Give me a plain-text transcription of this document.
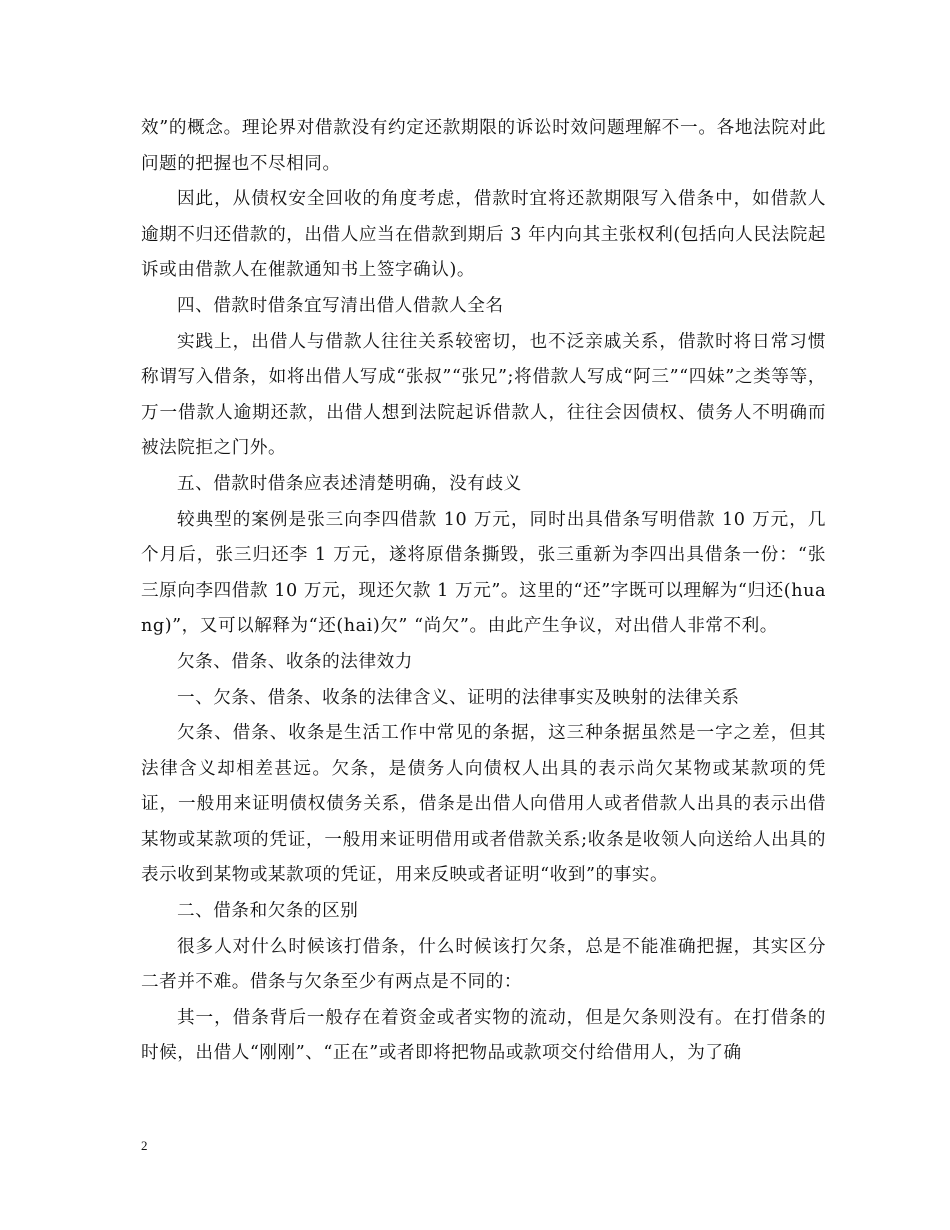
效”的概念。理论界对借款没有约定还款期限的诉讼时效问题理解不一。各地法院对此问题的把握也不尽相同。

因此，从债权安全回收的角度考虑，借款时宜将还款期限写入借条中，如借款人逾期不归还借款的，出借人应当在借款到期后 3 年内向其主张权利(包括向人民法院起诉或由借款人在催款通知书上签字确认)。

四、借款时借条宜写清出借人借款人全名

实践上，出借人与借款人往往关系较密切，也不泛亲戚关系，借款时将日常习惯称谓写入借条，如将出借人写成“张叔”“张兄”;将借款人写成“阿三”“四妹”之类等等，万一借款人逾期还款，出借人想到法院起诉借款人，往往会因债权、债务人不明确而被法院拒之门外。

五、借款时借条应表述清楚明确，没有歧义

较典型的案例是张三向李四借款 10 万元，同时出具借条写明借款 10 万元，几个月后，张三归还李 1 万元，遂将原借条撕毁，张三重新为李四出具借条一份：“张三原向李四借款 10 万元，现还欠款 1 万元”。这里的“还”字既可以理解为“归还(huang)”，又可以解释为“还(hai)欠” “尚欠”。由此产生争议，对出借人非常不利。

欠条、借条、收条的法律效力

一、欠条、借条、收条的法律含义、证明的法律事实及映射的法律关系

欠条、借条、收条是生活工作中常见的条据，这三种条据虽然是一字之差，但其法律含义却相差甚远。欠条，是债务人向债权人出具的表示尚欠某物或某款项的凭证，一般用来证明债权债务关系，借条是出借人向借用人或者借款人出具的表示出借某物或某款项的凭证，一般用来证明借用或者借款关系;收条是收领人向送给人出具的表示收到某物或某款项的凭证，用来反映或者证明“收到”的事实。

二、借条和欠条的区别

很多人对什么时候该打借条，什么时候该打欠条，总是不能准确把握，其实区分二者并不难。借条与欠条至少有两点是不同的：

其一，借条背后一般存在着资金或者实物的流动，但是欠条则没有。在打借条的时候，出借人“刚刚”、“正在”或者即将把物品或款项交付给借用人，为了确

2
